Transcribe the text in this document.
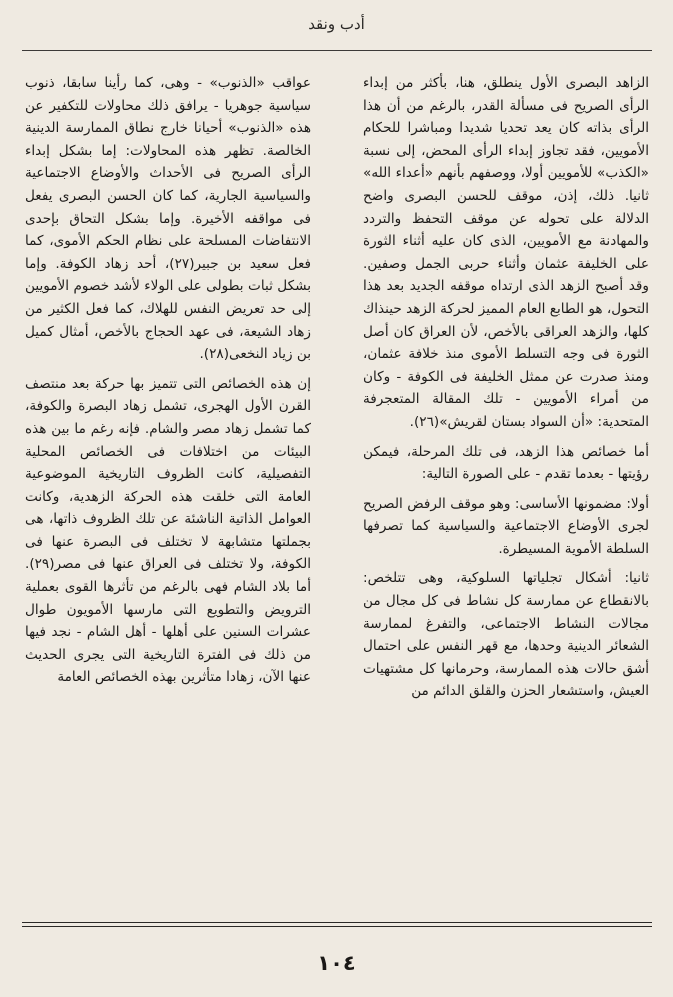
أدب ونقد

الزاهد البصرى الأول ينطلق، هنا، بأكثر من إبداء الرأى الصريح فى مسألة القدر، بالرغم من أن هذا الرأى بذاته كان يعد تحديا شديدا ومباشرا للحكام الأمويين، فقد تجاوز إبداء الرأى المحض، إلى نسبة «الكذب» للأمويين أولا، ووصفهم بأنهم «أعداء الله» ثانيا. ذلك، إذن، موقف للحسن البصرى واضح الدلالة على تحوله عن موقف التحفظ والتردد والمهادنة مع الأمويين، الذى كان عليه أثناء الثورة على الخليفة عثمان وأثناء حربى الجمل وصفين. وقد أصبح الزهد الذى ارتداه موقفه الجديد بعد هذا التحول، هو الطابع العام المميز لحركة الزهد حينذاك كلها، والزهد العراقى بالأخص، لأن العراق كان أصل الثورة فى وجه التسلط الأموى منذ خلافة عثمان، ومنذ صدرت عن ممثل الخليفة فى الكوفة - وكان من أمراء الأمويين - تلك المقالة المتعجرفة المتحدية: «أن السواد بستان لقريش»(٢٦).

أما خصائص هذا الزهد، فى تلك المرحلة، فيمكن رؤيتها - بعدما تقدم - على الصورة التالية:

أولا: مضمونها الأساسى: وهو موقف الرفض الصريح لجرى الأوضاع الاجتماعية والسياسية كما تصرفها السلطة الأموية المسيطرة.

ثانيا: أشكال تجلياتها السلوكية، وهى تتلخص: بالانقطاع عن ممارسة كل نشاط فى كل مجال من مجالات النشاط الاجتماعى، والتفرغ لممارسة الشعائر الدينية وحدها، مع قهر النفس على احتمال أشق حالات هذه الممارسة، وحرمانها كل مشتهيات العيش، واستشعار الحزن والقلق الدائم من

عواقب «الذنوب» - وهى، كما رأينا سابقا، ذنوب سياسية جوهريا - يرافق ذلك محاولات للتكفير عن هذه «الذنوب» أحيانا خارج نطاق الممارسة الدينية الخالصة. تظهر هذه المحاولات: إما بشكل إبداء الرأى الصريح فى الأحداث والأوضاع الاجتماعية والسياسية الجارية، كما كان الحسن البصرى يفعل فى مواقفه الأخيرة. وإما بشكل التحاق بإحدى الانتفاضات المسلحة على نظام الحكم الأموى، كما فعل سعيد بن جبير(٢٧)، أحد زهاد الكوفة. وإما بشكل ثبات بطولى على الولاء لأشد خصوم الأمويين إلى حد تعريض النفس للهلاك، كما فعل الكثير من زهاد الشيعة، فى عهد الحجاج بالأخص، أمثال كميل بن زياد النخعى(٢٨).

إن هذه الخصائص التى تتميز بها حركة بعد منتصف القرن الأول الهجرى، تشمل زهاد البصرة والكوفة، كما تشمل زهاد مصر والشام. فإنه رغم ما بين هذه البيئات من اختلافات فى الخصائص المحلية التفصيلية، كانت الظروف التاريخية الموضوعية العامة التى خلقت هذه الحركة الزهدية، وكانت العوامل الذاتية الناشئة عن تلك الظروف ذاتها، هى بجملتها متشابهة لا تختلف فى البصرة عنها فى الكوفة، ولا تختلف فى العراق عنها فى مصر(٢٩). أما بلاد الشام فهى بالرغم من تأثرها القوى بعملية الترويض والتطويع التى مارسها الأمويون طوال عشرات السنين على أهلها - أهل الشام - نجد فيها من ذلك فى الفترة التاريخية التى يجرى الحديث عنها الآن، زهادا متأثرين بهذه الخصائص العامة

١٠٤
